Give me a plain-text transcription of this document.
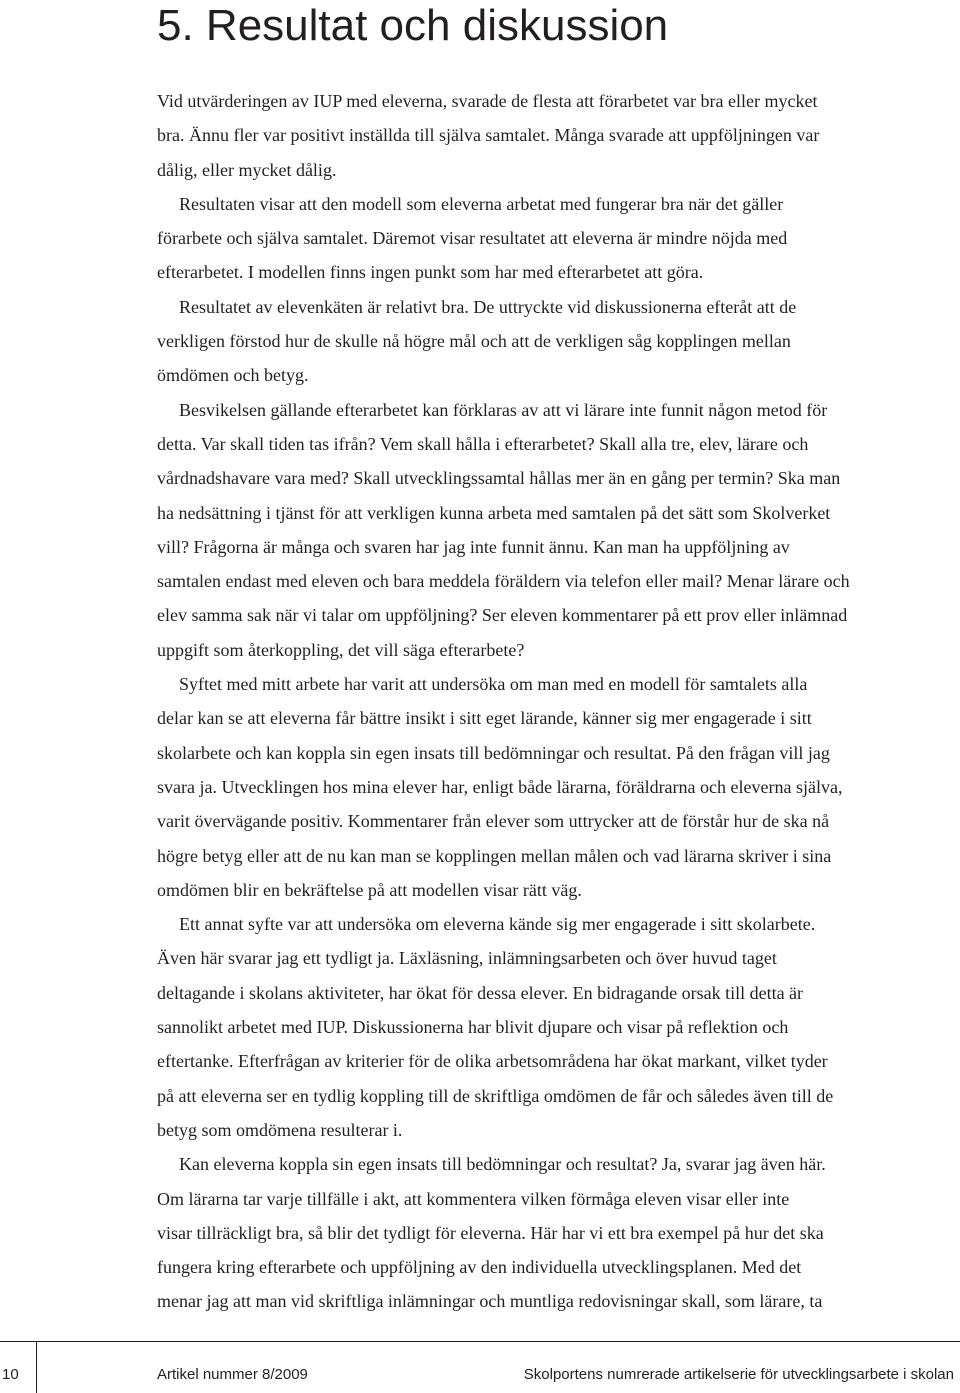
5. Resultat och diskussion
Vid utvärderingen av IUP med eleverna, svarade de flesta att förarbetet var bra eller mycket
bra. Ännu fler var positivt inställda till själva samtalet. Många svarade att uppföljningen var
dålig, eller mycket dålig.
Resultaten visar att den modell som eleverna arbetat med fungerar bra när det gäller
förarbete och själva samtalet. Däremot visar resultatet att eleverna är mindre nöjda med
efterarbetet. I modellen finns ingen punkt som har med efterarbetet att göra.
Resultatet av elevenkäten är relativt bra. De uttryckte vid diskussionerna efteråt att de
verkligen förstod hur de skulle nå högre mål och att de verkligen såg kopplingen mellan
ömdömen och betyg.
Besvikelsen gällande efterarbetet kan förklaras av att vi lärare inte funnit någon metod för
detta. Var skall tiden tas ifrån? Vem skall hålla i efterarbetet? Skall alla tre, elev, lärare och
vårdnadshavare vara med? Skall utvecklingssamtal hållas mer än en gång per termin? Ska man
ha nedsättning i tjänst för att verkligen kunna arbeta med samtalen på det sätt som Skolverket
vill? Frågorna är många och svaren har jag inte funnit ännu. Kan man ha uppföljning av
samtalen endast med eleven och bara meddela föräldern via telefon eller mail? Menar lärare och
elev samma sak när vi talar om uppföljning? Ser eleven kommentarer på ett prov eller inlämnad
uppgift som återkoppling, det vill säga efterarbete?
Syftet med mitt arbete har varit att undersöka om man med en modell för samtalets alla
delar kan se att eleverna får bättre insikt i sitt eget lärande, känner sig mer engagerade i sitt
skolarbete och kan koppla sin egen insats till bedömningar och resultat. På den frågan vill jag
svara ja. Utvecklingen hos mina elever har, enligt både lärarna, föräldrarna och eleverna själva,
varit övervägande positiv. Kommentarer från elever som uttrycker att de förstår hur de ska nå
högre betyg eller att de nu kan man se kopplingen mellan målen och vad lärarna skriver i sina
omdömen blir en bekräftelse på att modellen visar rätt väg.
Ett annat syfte var att undersöka om eleverna kände sig mer engagerade i sitt skolarbete.
Även här svarar jag ett tydligt ja. Läxläsning, inlämningsarbeten och över huvud taget
deltagande i skolans aktiviteter, har ökat för dessa elever. En bidragande orsak till detta är
sannolikt arbetet med IUP. Diskussionerna har blivit djupare och visar på reflektion och
eftertanke. Efterfrågan av kriterier för de olika arbetsområdena har ökat markant, vilket tyder
på att eleverna ser en tydlig koppling till de skriftliga omdömen de får och således även till de
betyg som omdömena resulterar i.
Kan eleverna koppla sin egen insats till bedömningar och resultat? Ja, svarar jag även här.
Om lärarna tar varje tillfälle i akt, att kommentera vilken förmåga eleven visar eller inte
visar tillräckligt bra, så blir det tydligt för eleverna. Här har vi ett bra exempel på hur det ska
fungera kring efterarbete och uppföljning av den individuella utvecklingsplanen. Med det
menar jag att man vid skriftliga inlämningar och muntliga redovisningar skall, som lärare, ta
10	Artikel nummer 8/2009	Skolportens numrerade artikelserie för utvecklingsarbete i skolan
